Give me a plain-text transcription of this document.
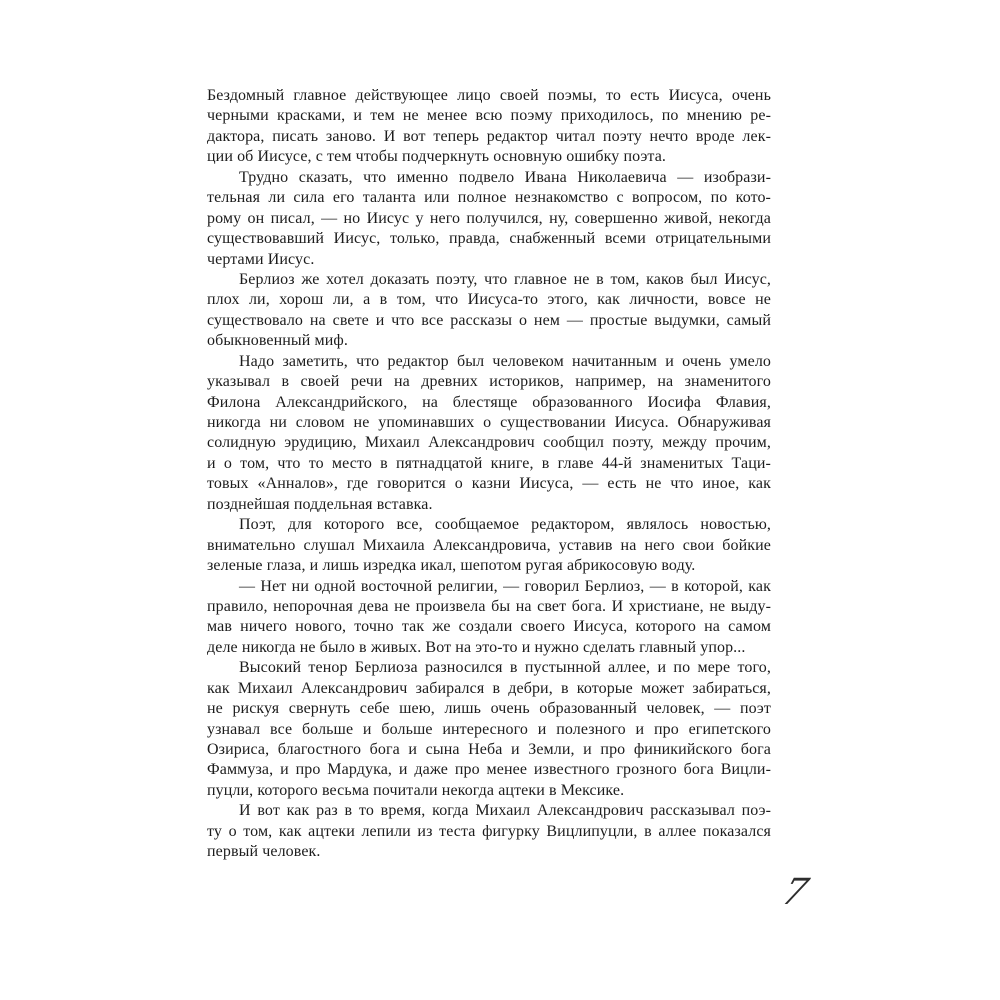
Бездомный главное действующее лицо своей поэмы, то есть Иисуса, очень
черными красками, и тем не менее всю поэму приходилось, по мнению ре-
дактора, писать заново. И вот теперь редактор читал поэту нечто вроде лек-
ции об Иисусе, с тем чтобы подчеркнуть основную ошибку поэта.
Трудно сказать, что именно подвело Ивана Николаевича — изобрази-
тельная ли сила его таланта или полное незнакомство с вопросом, по кото-
рому он писал, — но Иисус у него получился, ну, совершенно живой, некогда
существовавший Иисус, только, правда, снабженный всеми отрицательными
чертами Иисус.
Берлиоз же хотел доказать поэту, что главное не в том, каков был Иисус,
плох ли, хорош ли, а в том, что Иисуса-то этого, как личности, вовсе не
существовало на свете и что все рассказы о нем — простые выдумки, самый
обыкновенный миф.
Надо заметить, что редактор был человеком начитанным и очень умело
указывал в своей речи на древних историков, например, на знаменитого
Филона Александрийского, на блестяще образованного Иосифа Флавия,
никогда ни словом не упоминавших о существовании Иисуса. Обнаруживая
солидную эрудицию, Михаил Александрович сообщил поэту, между прочим,
и о том, что то место в пятнадцатой книге, в главе 44-й знаменитых Таци-
товых «Анналов», где говорится о казни Иисуса, — есть не что иное, как
позднейшая поддельная вставка.
Поэт, для которого все, сообщаемое редактором, являлось новостью,
внимательно слушал Михаила Александровича, уставив на него свои бойкие
зеленые глаза, и лишь изредка икал, шепотом ругая абрикосовую воду.
— Нет ни одной восточной религии, — говорил Берлиоз, — в которой, как
правило, непорочная дева не произвела бы на свет бога. И христиане, не выду-
мав ничего нового, точно так же создали своего Иисуса, которого на самом
деле никогда не было в живых. Вот на это-то и нужно сделать главный упор...
Высокий тенор Берлиоза разносился в пустынной аллее, и по мере того,
как Михаил Александрович забирался в дебри, в которые может забираться,
не рискуя свернуть себе шею, лишь очень образованный человек, — поэт
узнавал все больше и больше интересного и полезного и про египетского
Озириса, благостного бога и сына Неба и Земли, и про финикийского бога
Фаммуза, и про Мардука, и даже про менее известного грозного бога Вицли-
пуцли, которого весьма почитали некогда ацтеки в Мексике.
И вот как раз в то время, когда Михаил Александрович рассказывал поэ-
ту о том, как ацтеки лепили из теста фигурку Вицлипуцли, в аллее показался
первый человек.
7
